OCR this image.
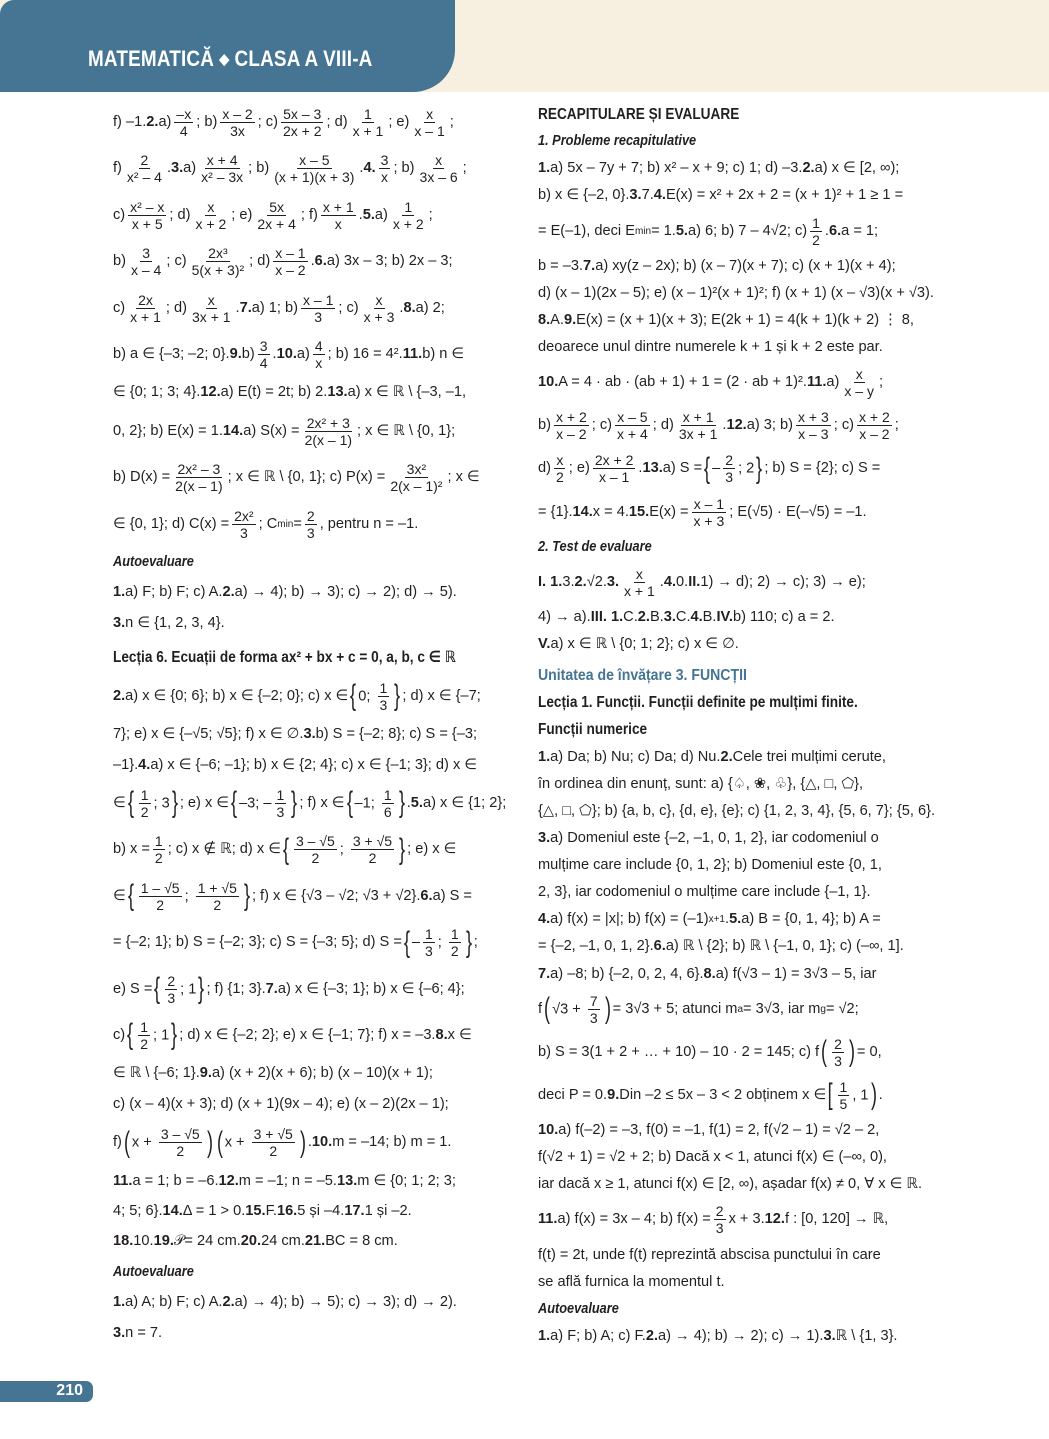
MATEMATICĂ ◆ CLASA A VIII-A
f) –1. 2. $a) \frac{-x}{4}$ ; $b) \frac{x - 2}{3x}$ ; $c) \frac{5x - 3}{2x + 2}$ ; $d) \frac{1}{x + 1}$ ; $e) \frac{x}{x - 1}$ ;
$f) \frac{2}{\text{x² – 4}}$ . 3. $a) \frac{x + 4}{\text{x² – 3x}}$ ; $b) \frac{x - 5}{(x + 1)(x + 3)}$ . 4. $\frac{3}{x}$ ; $b) \frac{x}{3x - 6}$ ;
$c) \frac{\text{x² – x}}{x + 5}$ ; $d) \frac{x}{x + 2}$ ; $e) \frac{5x}{2x + 4}$ ; $f) \frac{x + 1}{x}$ . 5. $a) \frac{1}{x + 2}$ ;
$b) \frac{3}{x - 4}$ ; $c) \frac{\text{2x³}}{\text{5(x + 3)²}}$ ; $d) \frac{x - 1}{x - 2}$ . 6. a) 3x – 3; b) 2x – 3;
$c) \frac{2x}{x + 1}$ ; $d) \frac{x}{3x + 1}$ . 7. a) 1; $b) \frac{x - 1}{3}$ ; $c) \frac{x}{x + 3}$ . 8. a) 2;
b) a ∈ {–3; –2; 0}. 9. $b) \frac{3}{4}$ . 10. $a) \frac{4}{x}$ ; b) 16 = 4². 11. b) n ∈
∈ {0; 1; 3; 4}. 12. a) E(t) = 2t; b) 2. 13. a) x ∈ ℝ \ {–3, –1,
0, 2}; b) E(x) = 1. 14. a) $S(x) = \frac{\text{2x² + 3}}{2(x - 1)}$ ; x ∈ ℝ \ {0, 1};
b) $D(x) = \frac{\text{2x² – 3}}{2(x - 1)}$ ; x ∈ ℝ \ {0, 1}; c) $P(x) = \frac{\text{3x²}}{\text{2(x – 1)²}}$ ; x ∈
∈ {0, 1}; d) $C(x) = \frac{\text{2x²}}{3}$ ; C $\min = \frac{2}{3}$ , pentru n = –1.
Autoevaluare
1. a) F; b) F; c) A. 2. a) → 4); b) → 3); c) → 2); d) → 5).
3. n ∈ {1, 2, 3, 4}.
Lecția 6. Ecuații de forma ax² + bx + c = 0, a, b, c ∈ ℝ
2. a) x ∈ {0; 6}; b) x ∈ {–2; 0}; c) x ∈ { 0; $\frac{1}{3}$ } ; d) x ∈ {–7;
7}; e) x ∈ {–√5; √5}; f) x ∈ ∅. 3. b) S = {–2; 8}; c) S = {–3;
–1}. 4. a) x ∈ {–6; –1}; b) x ∈ {2; 4}; c) x ∈ {–1; 3}; d) x ∈
∈ { $\frac{1}{2}$ ; 3 } ; e) x ∈ { –3; – $\frac{1}{3}$ } ; f) x ∈ { –1; $\frac{1}{6}$ } . 5. a) x ∈ {1; 2};
b) $x = \frac{1}{2}$ ; c) x ∉ ℝ; d) x ∈ { $\frac{3 - √5}{2}$ ; $\frac{3 + √5}{2}$ } ; e) x ∈
∈ { $\frac{1 - √5}{2}$ ; $\frac{1 + √5}{2}$ } ; f) x ∈ {√3 – √2; √3 + √2}. 6. a) S =
= {–2; 1}; b) S = {–2; 3}; c) S = {–3; 5}; d) S = { – $\frac{1}{3}$ ; $\frac{1}{2}$ } ;
e) S = { $\frac{2}{3}$ ; 1 } ; f) {1; 3}. 7. a) x ∈ {–3; 1}; b) x ∈ {–6; 4};
c) { $\frac{1}{2}$ ; 1 } ; d) x ∈ {–2; 2}; e) x ∈ {–1; 7}; f) x = –3. 8. x ∈
∈ ℝ \ {–6; 1}. 9. a) (x + 2)(x + 6); b) (x – 10)(x + 1);
c) (x – 4)(x + 3); d) (x + 1)(9x – 4); e) (x – 2)(2x – 1);
f) ( $x + \frac{3 - √5}{2}$ ) ( $x + \frac{3 + √5}{2}$ ) . 10. m = –14; b) m = 1.
11. a = 1; b = –6. 12. m = –1; n = –5. 13. m ∈ {0; 1; 2; 3;
4; 5; 6}. 14. Δ = 1 > 0. 15. F. 16. 5 și –4. 17. 1 și –2.
18. 10. 19. 𝒫= 24 cm. 20. 24 cm. 21. BC = 8 cm.
Autoevaluare
1. a) A; b) F; c) A. 2. a) → 4); b) → 5); c) → 3); d) → 2).
3. n = 7.
RECAPITULARE ȘI EVALUARE
1. Probleme recapitulative
1. a) 5x – 7y + 7; b) x² – x + 9; c) 1; d) –3. 2. a) x ∈ [2, ∞);
b) x ∈ {–2, 0}. 3. 7. 4. E(x) = x² + 2x + 2 = (x + 1)² + 1 ≥ 1 =
= E(–1), deci E min = 1. 5. a) 6; b) 7 – 4√2; $c) \frac{1}{2}$ . 6. a = 1;
b = –3. 7. a) xy(z – 2x); b) (x – 7)(x + 7); c) (x + 1)(x + 4);
d) (x – 1)(2x – 5); e) (x – 1)²(x + 1)²; f) (x + 1) (x – √3)(x + √3).
8. A. 9. E(x) = (x + 1)(x + 3); E(2k + 1) = 4(k + 1)(k + 2) ⋮ 8,
deoarece unul dintre numerele k + 1 și k + 2 este par.
10. A = 4 · ab · (ab + 1) + 1 = (2 · ab + 1)². 11. $a) \frac{x}{x - y}$ ;
$b) \frac{x + 2}{x - 2}$ ; $c) \frac{x - 5}{x + 4}$ ; $d) \frac{x + 1}{3x + 1}$ . 12. a) 3; $b) \frac{x + 3}{x - 3}$ ; $c) \frac{x + 2}{x - 2}$ ;
$d) \frac{x}{2}$ ; $e) \frac{2x + 2}{x - 1}$ . 13. a) S = { – $\frac{2}{3}$ ; 2 } ; b) S = {2}; c) S =
= {1}. 14. x = 4. 15. $E(x) = \frac{x - 1}{x + 3}$ ; E(√5) · E(–√5) = –1.
2. Test de evaluare
I. 1. 3. 2. √2. 3. $\frac{x}{x + 1}$ . 4. 0. II. 1) → d); 2) → c); 3) → e);
4) → a). III. 1. C. 2. B. 3. C. 4. B. IV. b) 110; c) a = 2.
V. a) x ∈ ℝ \ {0; 1; 2}; c) x ∈ ∅.
Unitatea de învățare 3. FUNCȚII
Lecția 1. Funcții. Funcții definite pe mulțimi finite.
Funcții numerice
1. a) Da; b) Nu; c) Da; d) Nu. 2. Cele trei mulțimi cerute,
în ordinea din enunț, sunt: a) {♤, ❀, ♧}, {△, □, ⬠},
{△, □, ⬠}; b) {a, b, c}, {d, e}, {e}; c) {1, 2, 3, 4}, {5, 6, 7}; {5, 6}.
3. a) Domeniul este {–2, –1, 0, 1, 2}, iar codomeniul o
mulțime care include {0, 1, 2}; b) Domeniul este {0, 1,
2, 3}, iar codomeniul o mulțime care include {–1, 1}.
4. a) f(x) = |x|; b) f(x) = (–1) x+1 . 5. a) B = {0, 1, 4}; b) A =
= {–2, –1, 0, 1, 2}. 6. a) ℝ \ {2}; b) ℝ \ {–1, 0, 1}; c) (–∞, 1].
7. a) –8; b) {–2, 0, 2, 4, 6}. 8. a) f(√3 – 1) = 3√3 – 5, iar
f ( $√3 + \frac{7}{3}$ ) = 3√3 + 5; atunci m a = 3√3, iar m g = √2;
b) S = 3(1 + 2 + … + 10) – 10 · 2 = 145; c) f ( $\frac{2}{3}$ ) = 0,
deci P = 0. 9. Din –2 ≤ 5x – 3 < 2 obținem x ∈ [ $\frac{1}{5}$ , 1 ) .
10. a) f(–2) = –3, f(0) = –1, f(1) = 2, f(√2 – 1) = √2 – 2,
f(√2 + 1) = √2 + 2; b) Dacă x < 1, atunci f(x) ∈ (–∞, 0),
iar dacă x ≥ 1, atunci f(x) ∈ [2, ∞), așadar f(x) ≠ 0, ∀ x ∈ ℝ.
11. a) f(x) = 3x – 4; b) $f(x) = \frac{2}{3}$ x + 3. 12. f : [0, 120] → ℝ,
f(t) = 2t, unde f(t) reprezintă abscisa punctului în care
se află furnica la momentul t.
Autoevaluare
1. a) F; b) A; c) F. 2. a) → 4); b) → 2); c) → 1). 3. ℝ \ {1, 3}.
210
